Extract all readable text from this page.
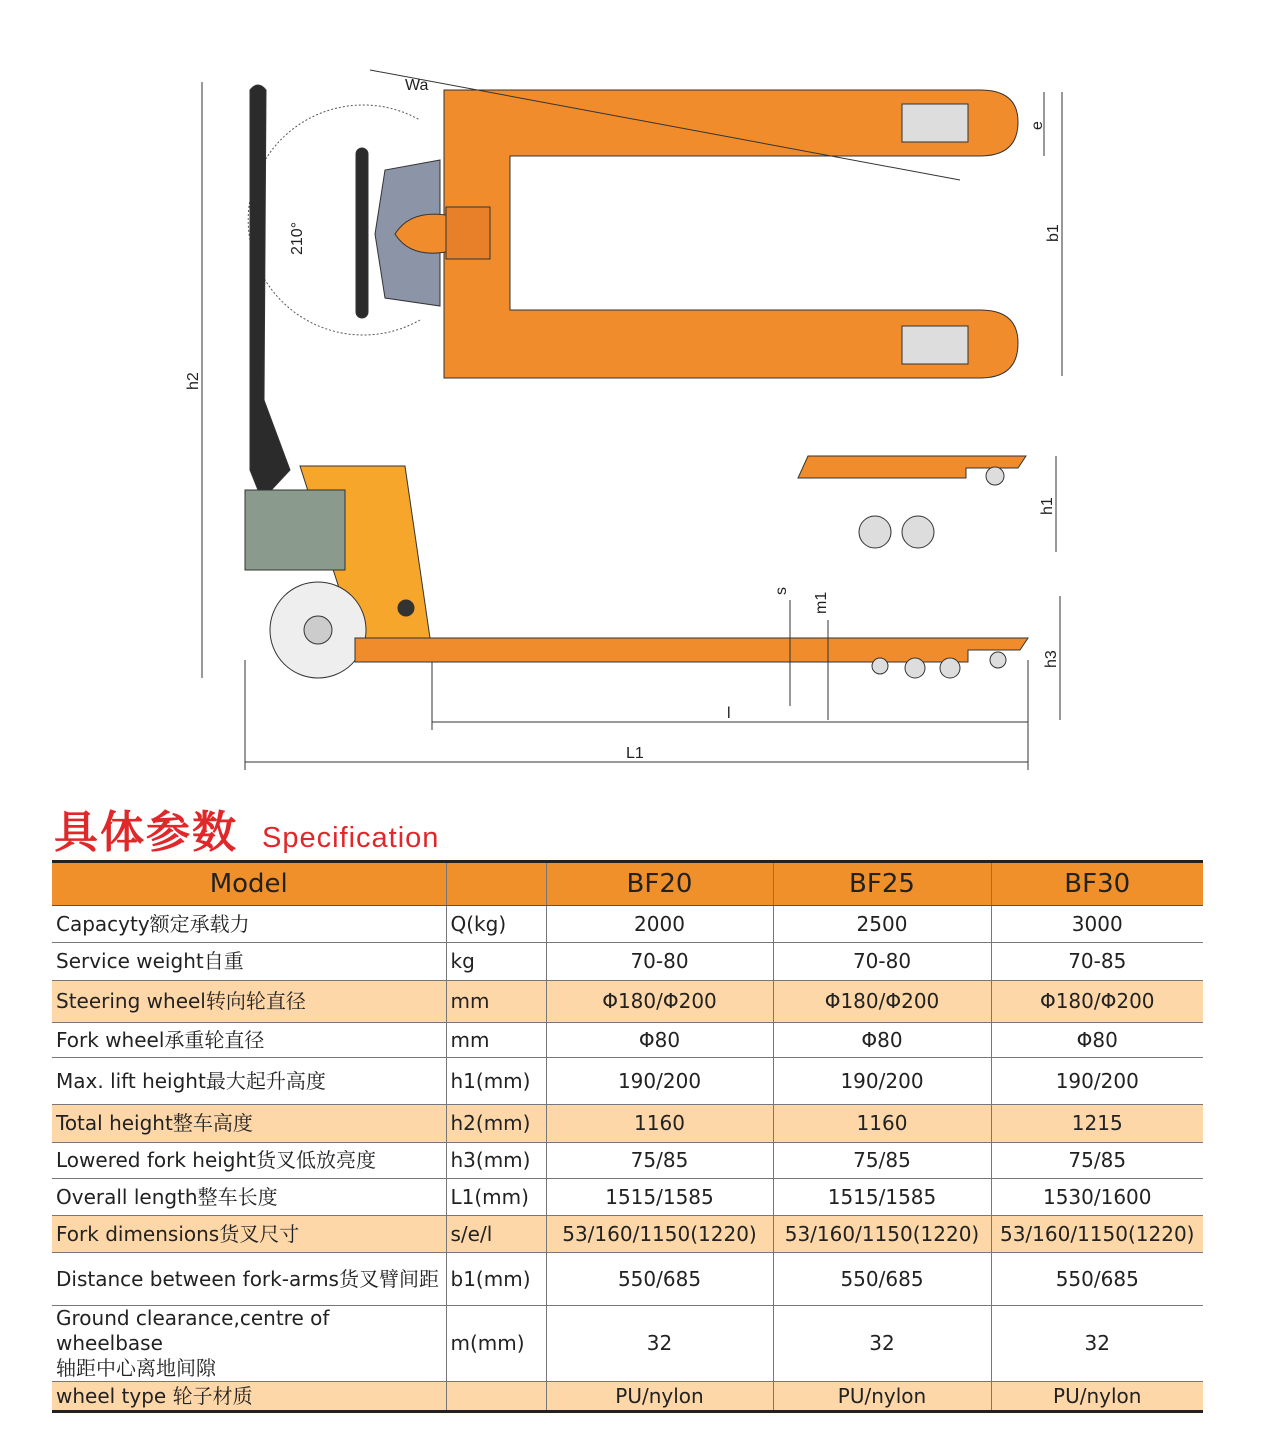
Wa
210°
e
b1
h2
h1
s
m1
h3
l
L1
具体参数 Specification
Model		BF20	BF25	BF30
Capacyty额定承载力	Q(kg)	2000	2500	3000
Service weight自重	kg	70-80	70-80	70-85
Steering wheel转向轮直径	mm	Φ180/Φ200	Φ180/Φ200	Φ180/Φ200
Fork wheel承重轮直径	mm	Φ80	Φ80	Φ80
Max. lift height最大起升高度	h1(mm)	190/200	190/200	190/200
Total height整车高度	h2(mm)	1160	1160	1215
Lowered fork height货叉低放亮度	h3(mm)	75/85	75/85	75/85
Overall length整车长度	L1(mm)	1515/1585	1515/1585	1530/1600
Fork dimensions货叉尺寸	s/e/l	53/160/1150(1220)	53/160/1150(1220)	53/160/1150(1220)
Distance between fork-arms货叉臂间距	b1(mm)	550/685	550/685	550/685
Ground clearance,centre of wheelbase
轴距中心离地间隙	m(mm)	32	32	32
wheel type 轮子材质		PU/nylon	PU/nylon	PU/nylon
